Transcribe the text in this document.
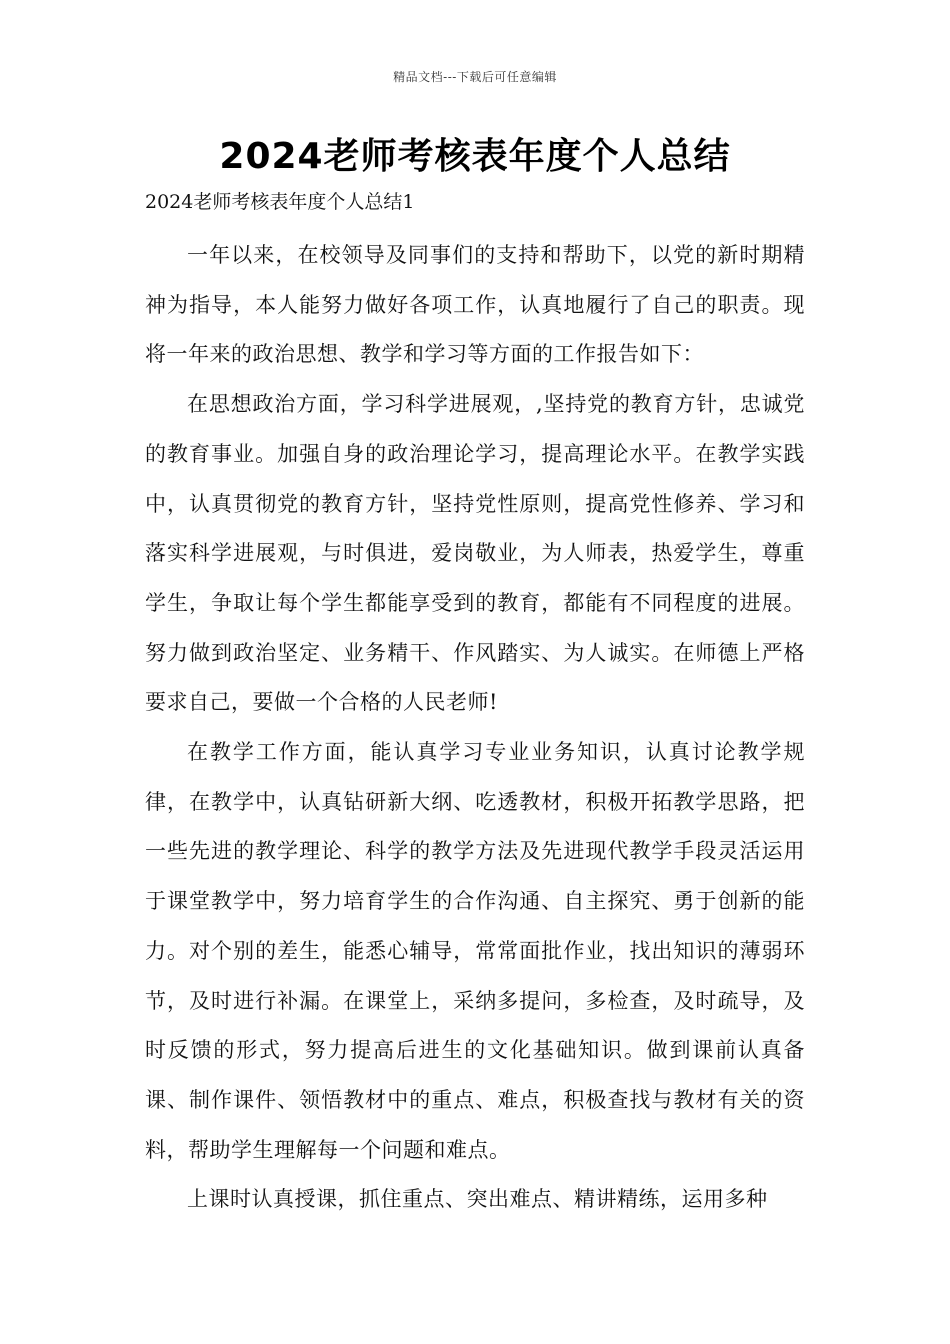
精品文档---下载后可任意编辑
2024老师考核表年度个人总结
2024老师考核表年度个人总结1

一年以来，在校领导及同事们的支持和帮助下，以党的新时期精神为指导，本人能努力做好各项工作，认真地履行了自己的职责。现将一年来的政治思想、教学和学习等方面的工作报告如下：

在思想政治方面，学习科学进展观，,坚持党的教育方针，忠诚党的教育事业。加强自身的政治理论学习，提高理论水平。在教学实践中，认真贯彻党的教育方针，坚持党性原则，提高党性修养、学习和落实科学进展观，与时俱进，爱岗敬业，为人师表，热爱学生，尊重学生，争取让每个学生都能享受到的教育，都能有不同程度的进展。努力做到政治坚定、业务精干、作风踏实、为人诚实。在师德上严格要求自己，要做一个合格的人民老师!

在教学工作方面，能认真学习专业业务知识，认真讨论教学规律，在教学中，认真钻研新大纲、吃透教材，积极开拓教学思路，把一些先进的教学理论、科学的教学方法及先进现代教学手段灵活运用于课堂教学中，努力培育学生的合作沟通、自主探究、勇于创新的能力。对个别的差生，能悉心辅导，常常面批作业，找出知识的薄弱环节，及时进行补漏。在课堂上，采纳多提问，多检查，及时疏导，及时反馈的形式，努力提高后进生的文化基础知识。做到课前认真备课、制作课件、领悟教材中的重点、难点，积极查找与教材有关的资料，帮助学生理解每一个问题和难点。

上课时认真授课，抓住重点、突出难点、精讲精练，运用多种
